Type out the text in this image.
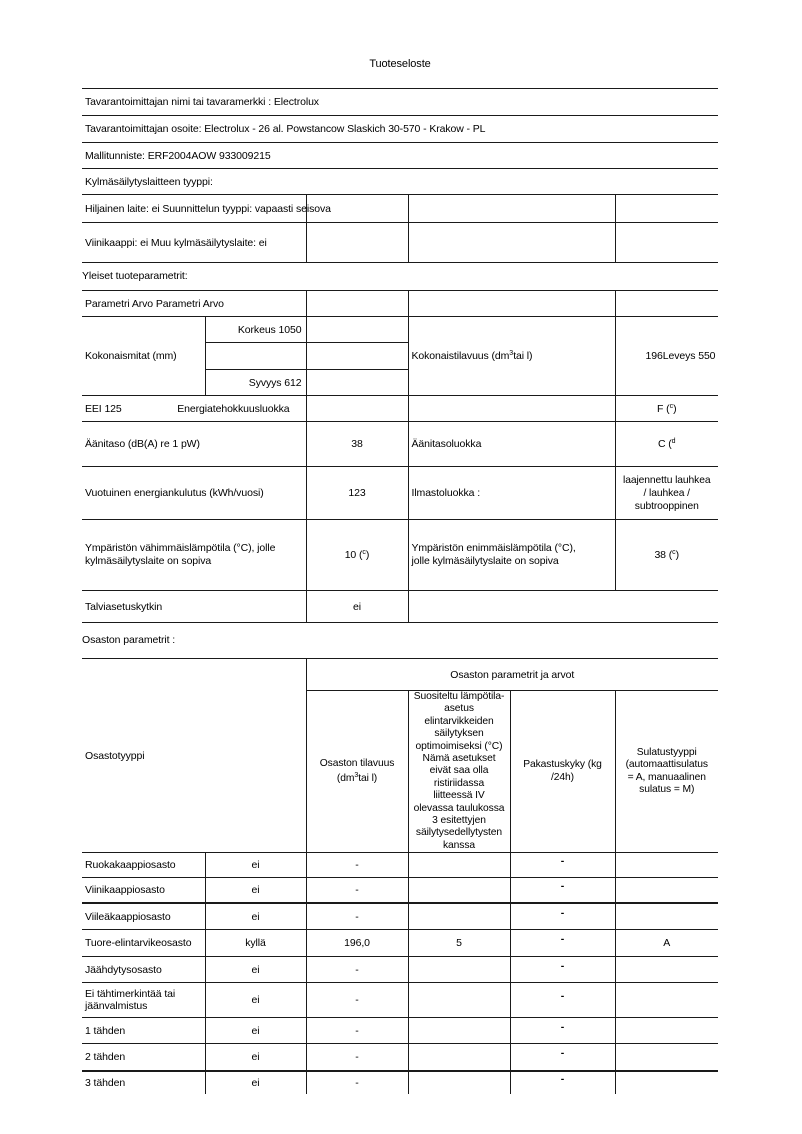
Tuoteseloste
Tavarantoimittajan nimi tai tavaramerkki : Electrolux
Tavarantoimittajan osoite: Electrolux - 26 al. Powstancow Slaskich 30-570 - Krakow - PL
Mallitunniste: ERF2004AOW 933009215
Kylmäsäilytyslaitteen tyyppi:
Hiljainen laite: ei Suunnittelun tyyppi: vapaasti seisova			
Viinikaappi: ei Muu kylmäsäilytyslaite: ei			
Yleiset tuoteparametrit:
Parametri Arvo Parametri Arvo				
Kokonaismitat (mm)	Korkeus 1050		Kokonaistilavuus ($dm^3tai$ l)	196Leveys 550

	Syvyys 612			

EEI 125 Energiatehokkuusluokka				F ($^c$)
Äänitaso (dB(A) re 1 pW)		38	Äänitasoluokka	C ($^d$
Vuotuinen energiankulutus (kWh/vuosi)		123	Ilmastoluokka :	laajennettu lauhkea
/ lauhkea /
subtrooppinen

Ympäristön vähimmäislämpötila (°C), jolle
kylmäsäilytyslaite on sopiva	10 ($^c$)	
Ympäristön enimmäislämpötila (°C),
jolle kylmäsäilytyslaite on sopiva	38 ($^c$)
Talviasetuskytkin		ei		
Osaston parametrit :
Osastotyyppi		Osaston parametrit ja arvot			

Osaston tilavuus
($dm^3tai$ l)

Suositeltu lämpötila-
asetus
elintarvikkeiden
säilytyksen
optimoimiseksi (°C)
Nämä asetukset
eivät saa olla
ristiriidassa
liitteessä IV
olevassa taulukossa
3 esitettyjen
säilytysedellytysten
kanssa

Pakastuskyky (kg
/24h)

Sulatustyyppi
(automaattisulatus
= A, manuaalinen
sulatus = M)

Ruokakaappiosasto	ei	-		-	

Viinikaappiosasto	ei	-		-	

Viileäkaappiosasto	ei	-		-	

Tuore-elintarvikeosasto	kyllä	196,0	5	-	A

Jäähdytysosasto	ei	-		-	

Ei tähtimerkintää tai
jäänvalmistus	ei	-		-	

1 tähden	ei	-		-	

2 tähden	ei	-		-	

3 tähden	ei	-		-	
